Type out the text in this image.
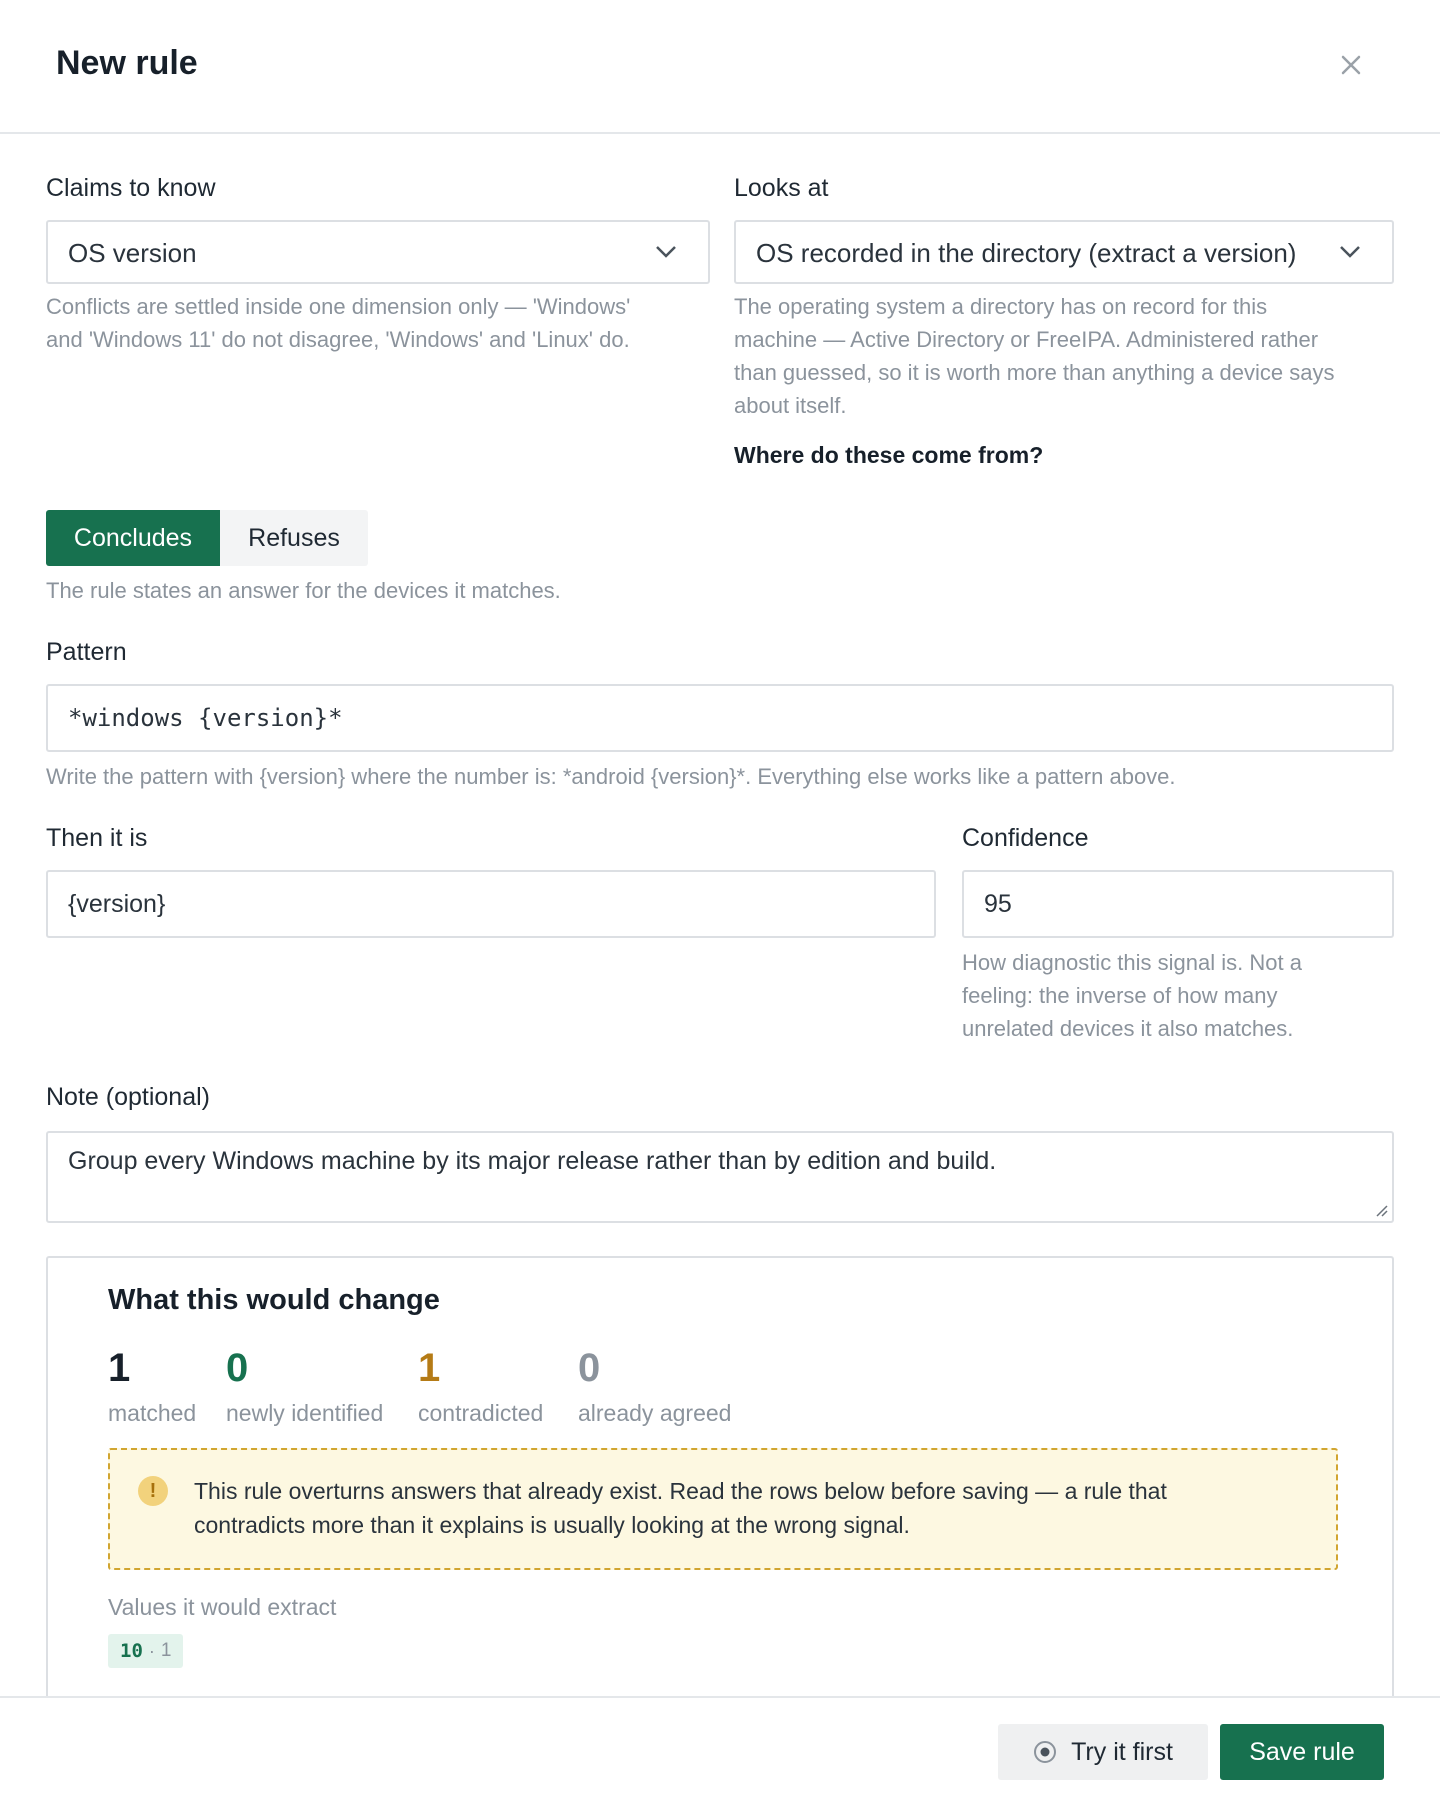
New rule
Claims to know
OS version
Conflicts are settled inside one dimension only — 'Windows'
and 'Windows 11' do not disagree, 'Windows' and 'Linux' do.
Looks at
OS recorded in the directory (extract a version)
The operating system a directory has on record for this
machine — Active Directory or FreeIPA. Administered rather
than guessed, so it is worth more than anything a device says
about itself.
Where do these come from?
Concludes	Refuses
The rule states an answer for the devices it matches.
Pattern
*windows {version}*
Write the pattern with {version} where the number is: *android {version}*. Everything else works like a pattern above.
Then it is
{version}
Confidence
95
How diagnostic this signal is. Not a
feeling: the inverse of how many
unrelated devices it also matches.
Note (optional)
Group every Windows machine by its major release rather than by edition and build.
What this would change
1
matched
0
newly identified
1
contradicted
0
already agreed
!	This rule overturns answers that already exist. Read the rows below before saving — a rule that
contradicts more than it explains is usually looking at the wrong signal.
Values it would extract
10 · 1
Try it first	Save rule
